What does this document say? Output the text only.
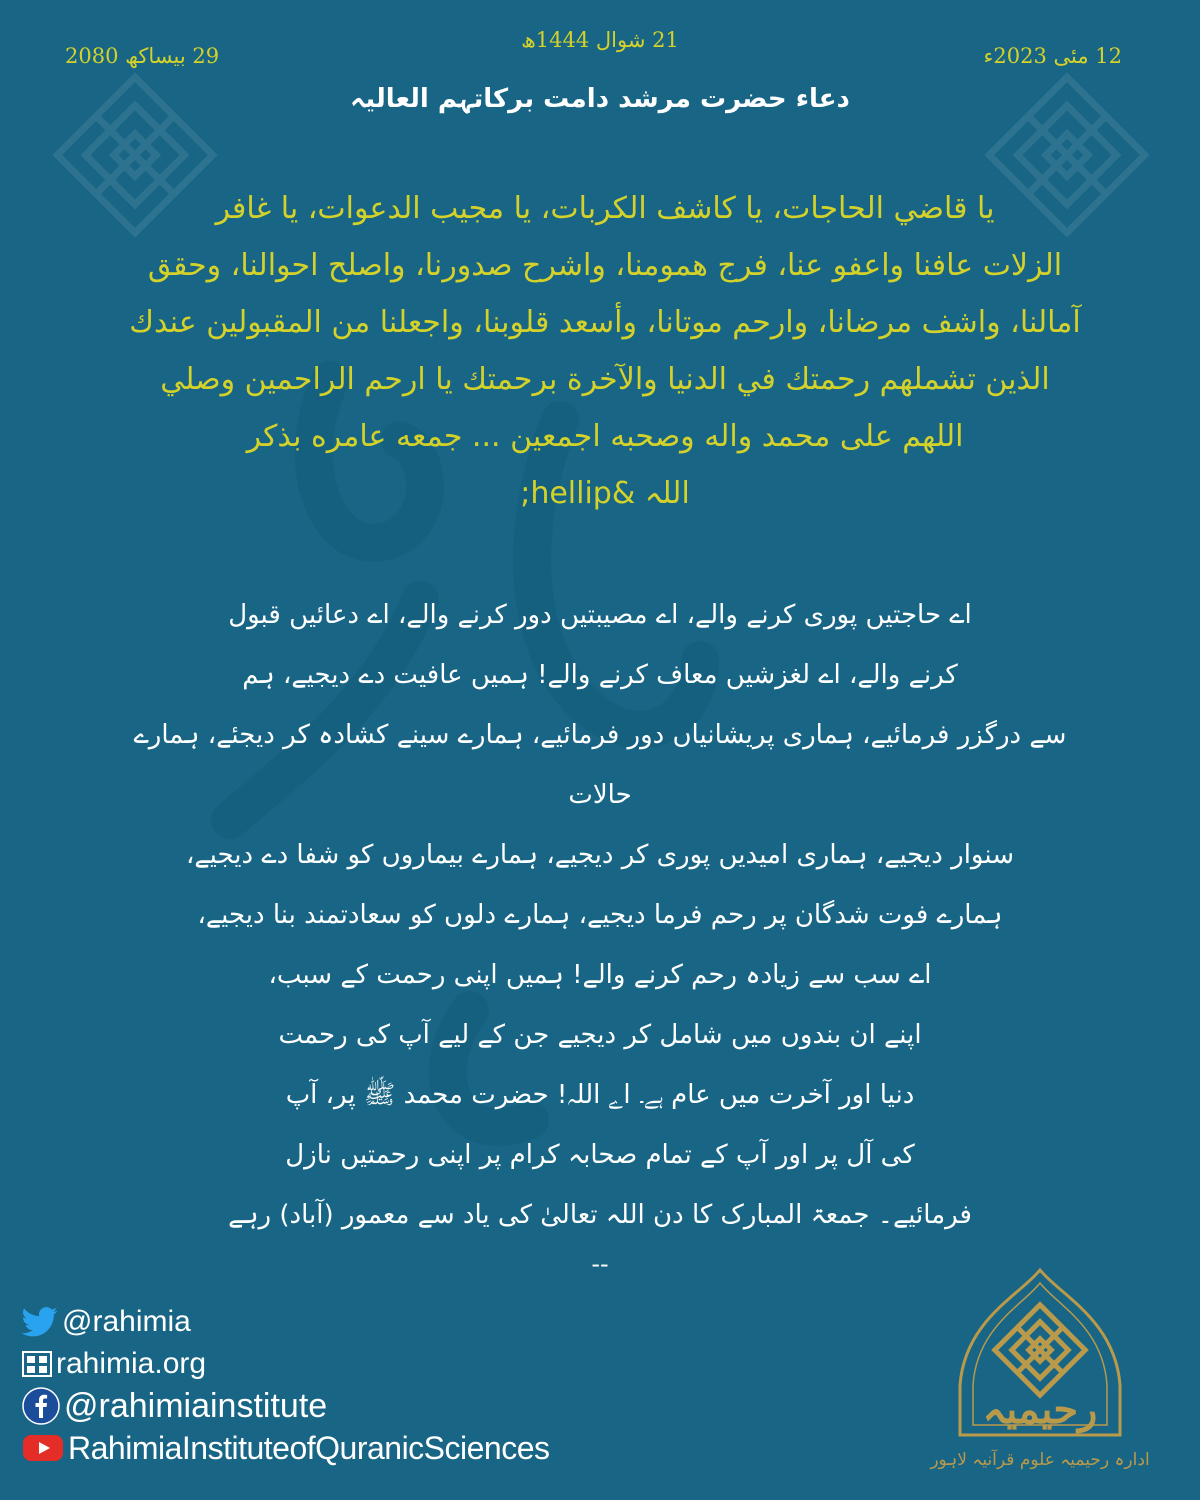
29 بیساکھ 2080
21 شوال 1444ھ
12 مئی 2023ء
دعاء حضرت مرشد دامت برکاتہم العالیہ
يا قاضي الحاجات، يا كاشف الكربات، يا مجيب الدعوات، يا غافر
الزلات عافنا واعفو عنا، فرج همومنا، واشرح صدورنا، واصلح احوالنا، وحقق
آمالنا، واشف مرضانا، وارحم موتانا، وأسعد قلوبنا، واجعلنا من المقبولين عندك
الذين تشملهم رحمتك في الدنيا والآخرة برحمتك يا ارحم الراحمين وصلي
اللهم على محمد واله وصحبه اجمعين ... جمعه عامره بذکر
اللہ &hellip;
اے حاجتیں پوری کرنے والے، اے مصیبتیں دور کرنے والے، اے دعائیں قبول
کرنے والے، اے لغزشیں معاف کرنے والے! ہمیں عافیت دے دیجیے، ہم
سے درگزر فرمائیے، ہماری پریشانیاں دور فرمائیے، ہمارے سینے کشادہ کر دیجئے، ہمارے حالات
سنوار دیجیے، ہماری امیدیں پوری کر دیجیے، ہمارے بیماروں کو شفا دے دیجیے،
ہمارے فوت شدگان پر رحم فرما دیجیے، ہمارے دلوں کو سعادتمند بنا دیجیے،
اے سب سے زیادہ رحم کرنے والے! ہمیں اپنی رحمت کے سبب،
اپنے ان بندوں میں شامل کر دیجیے جن کے لیے آپ کی رحمت
دنیا اور آخرت میں عام ہے۔ اے اللہ! حضرت محمد ﷺ پر، آپ
کی آل پر اور آپ کے تمام صحابہ کرام پر اپنی رحمتیں نازل
فرمائیے۔ جمعۃ المبارک کا دن اللہ تعالیٰ کی یاد سے معمور (آباد) رہے
--
@rahimia
rahimia.org
@rahimiainstitute
RahimiaInstituteofQuranicSciences
رحیمیہ
ادارہ رحیمیہ علوم قرآنیہ لاہور
